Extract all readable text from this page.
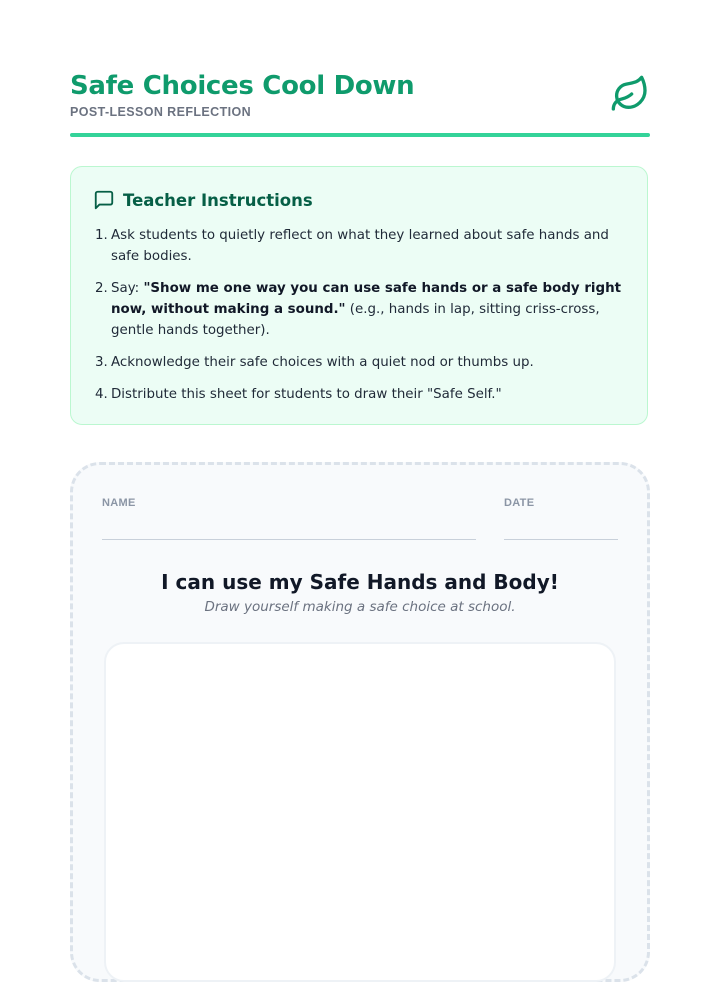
Safe Choices Cool Down
POST-LESSON REFLECTION
Teacher Instructions
1. Ask students to quietly reflect on what they learned about safe hands and safe bodies.
2. Say: "Show me one way you can use safe hands or a safe body right now, without making a sound." (e.g., hands in lap, sitting criss-cross, gentle hands together).
3. Acknowledge their safe choices with a quiet nod or thumbs up.
4. Distribute this sheet for students to draw their "Safe Self."
NAME	DATE
I can use my Safe Hands and Body!
Draw yourself making a safe choice at school.
